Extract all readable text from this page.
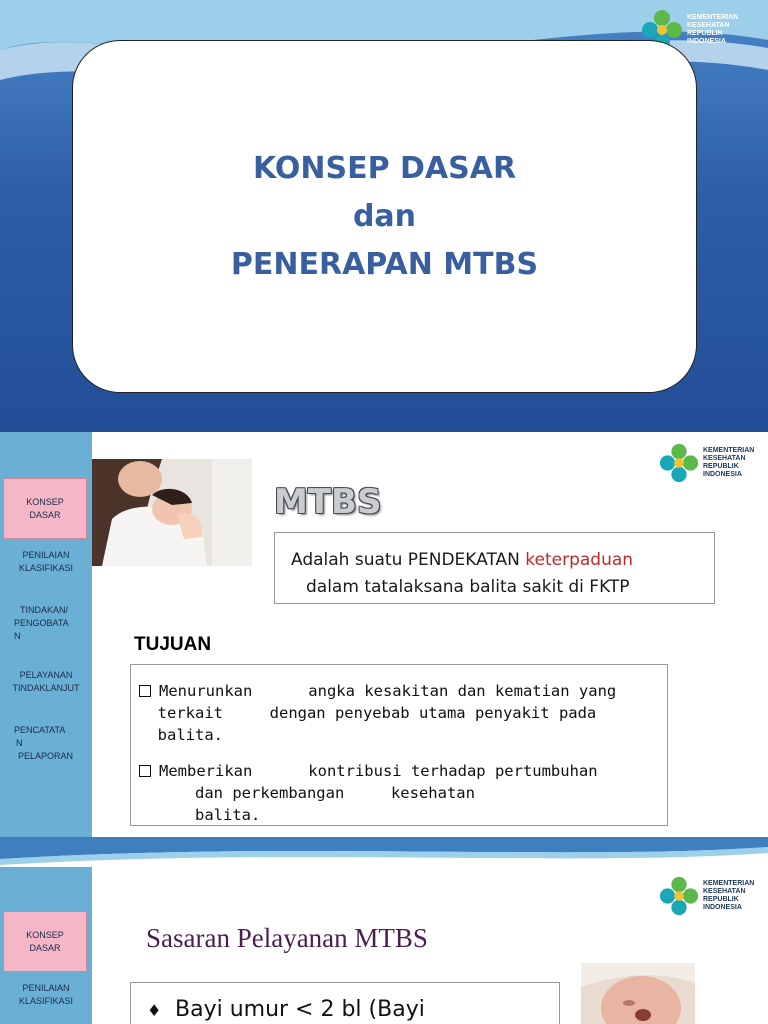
KEMENTERIAN
KESEHATAN
REPUBLIK
INDONESIA
KONSEP DASAR
dan
PENERAPAN MTBS
KONSEP
DASAR
PENILAIAN
KLASIFIKASI
TINDAKAN/
PENGOBATA
N
PELAYANAN
TINDAKLANJUT
PENCATATA
N
PELAPORAN
KEMENTERIAN
KESEHATAN
REPUBLIK
INDONESIA
MTBS
Adalah suatu PENDEKATAN keterpaduan
dalam tatalaksana balita sakit di FKTP
TUJUAN
Menurunkan      angka kesakitan dan kematian yang
terkait     dengan penyebab utama penyakit pada
balita.
Memberikan      kontribusi terhadap pertumbuhan
dan perkembangan     kesehatan
balita.
KONSEP
DASAR
PENILAIAN
KLASIFIKASI
KEMENTERIAN
KESEHATAN
REPUBLIK
INDONESIA
Sasaran Pelayanan MTBS
♦ Bayi umur < 2 bl (Bayi
